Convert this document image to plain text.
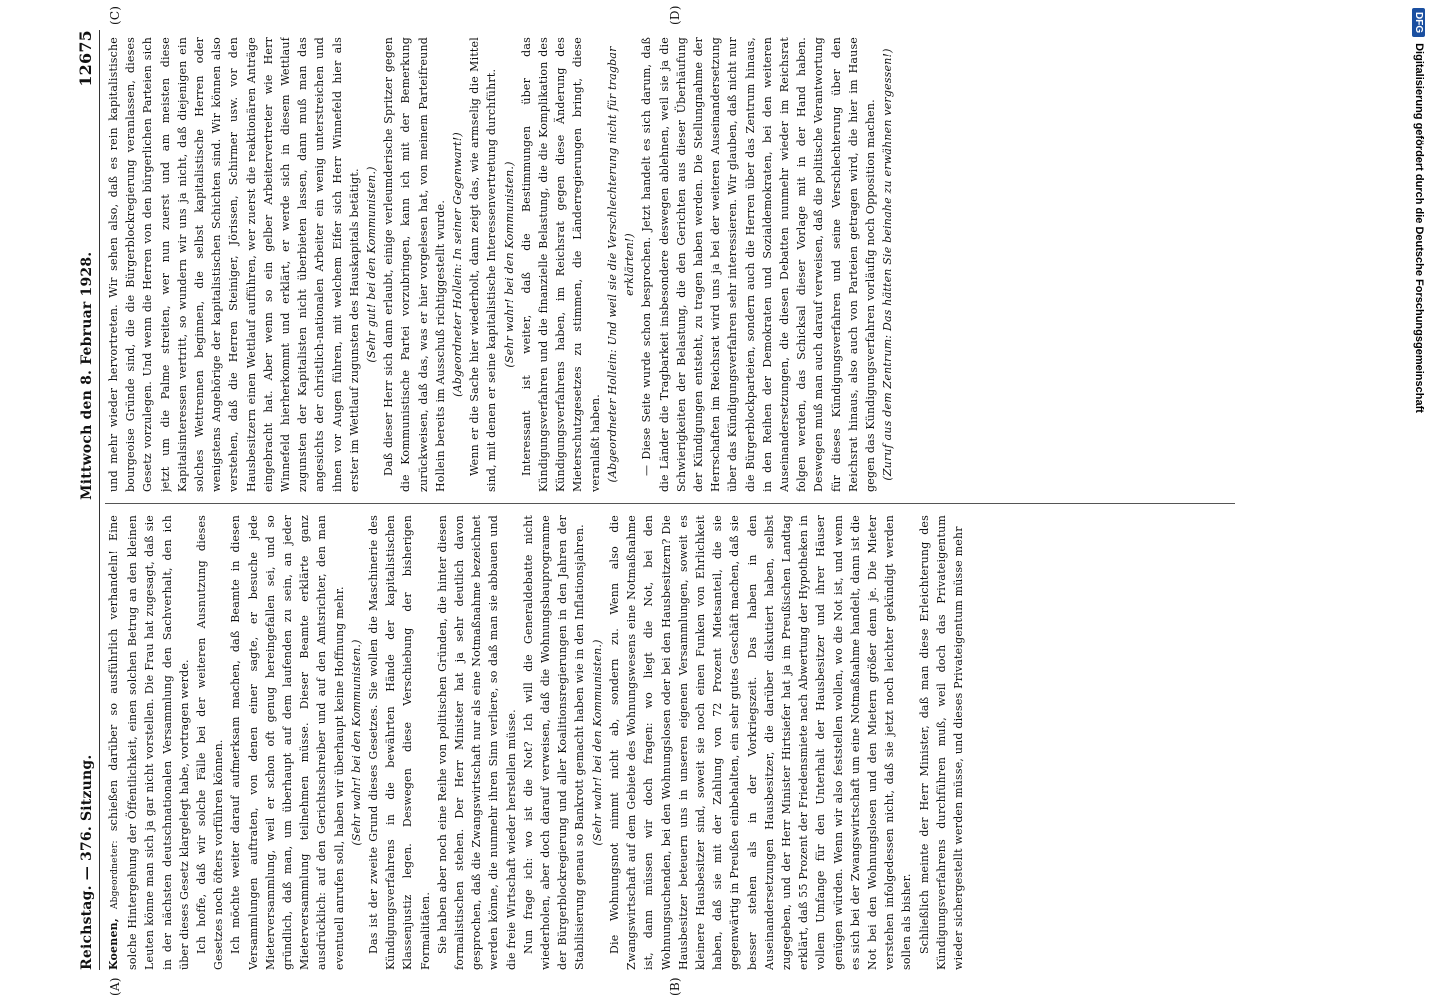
Reichstag. — 376. Sitzung.
Mittwoch den 8. Februar 1928.
12675
(A)	(B)
(C)	(D)

Koenen, Abgeordneter: schießen darüber so ausführlich verhandeln! Eine solche Hintergehung der Öffentlichkeit, einen solchen Betrug an den kleinen Leuten könne man sich ja gar nicht vorstellen. Die Frau hat zugesagt, daß sie in der nächsten deutschnationalen Versammlung den Sachverhalt, den ich über dieses Gesetz klargelegt habe, vortragen werde. Ich hoffe, daß wir solche Fälle bei der weiteren Ausnutzung dieses Gesetzes noch öfters vorführen können. Ich möchte weiter darauf aufmerksam machen, daß Beamte in diesen Versammlungen auftraten, von denen einer sagte, er besuche jede Mieterversammlung, weil er schon oft genug hereingefallen sei, und so gründlich, daß man, um überhaupt auf dem laufenden zu sein, an jeder Mieterversammlung teilnehmen müsse. Dieser Beamte erklärte ganz ausdrücklich: auf den Gerichtsschreiber und auf den Amtsrichter, den man eventuell anrufen soll, haben wir überhaupt keine Hoffnung mehr. (Sehr wahr! bei den Kommunisten.) Das ist der zweite Grund dieses Gesetzes. Sie wollen die Maschinerie des Kündigungsverfahrens in die bewährten Hände der kapitalistischen Klassenjustiz legen. Deswegen diese Verschiebung der bisherigen Formalitäten. Sie haben aber noch eine Reihe von politischen Gründen, die hinter diesen formalistischen stehen. Der Herr Minister hat ja sehr deutlich davon gesprochen, daß die Zwangswirtschaft nur als eine Notmaßnahme bezeichnet werden könne, die nunmehr ihren Sinn verliere, so daß man sie abbauen und die freie Wirtschaft wieder herstellen müsse. Nun frage ich: wo ist die Not? Ich will die Generaldebatte nicht wiederholen, aber doch darauf verweisen, daß die Wohnungsbauprogramme der Bürgerblockregierung und aller Koalitionsregierungen in den Jahren der Stabilisierung genau so Bankrott gemacht haben wie in den Inflationsjahren. (Sehr wahr! bei den Kommunisten.) Die Wohnungsnot nimmt nicht ab, sondern zu. Wenn also die Zwangswirtschaft auf dem Gebiete des Wohnungswesens eine Notmaßnahme ist, dann müssen wir doch fragen: wo liegt die Not, bei den Wohnungsuchenden, bei den Wohnungslosen oder bei den Hausbesitzern? Die Hausbesitzer beteuern uns in unseren eigenen Versammlungen, soweit es kleinere Hausbesitzer sind, soweit sie noch einen Funken von Ehrlichkeit haben, daß sie mit der Zahlung von 72 Prozent Mietsanteil, die sie gegenwärtig in Preußen einbehalten, ein sehr gutes Geschäft machen, daß sie besser stehen als in der Vorkriegszeit. Das haben in den Auseinandersetzungen Hausbesitzer, die darüber diskutiert haben, selbst zugegeben, und der Herr Minister Hirtsiefer hat ja im Preußischen Landtag erklärt, daß 55 Prozent der Friedensmiete nach Abwertung der Hypotheken in vollem Umfange für den Unterhalt der Hausbesitzer und ihrer Häuser genügen würden. Wenn wir also feststellen wollen, wo die Not ist, und wenn es sich bei der Zwangswirtschaft um eine Notmaßnahme handelt, dann ist die Not bei den Wohnungslosen und den Mietern größer denn je. Die Mieter verstehen infolgedessen nicht, daß sie jetzt noch leichter gekündigt werden sollen als bisher. Schließlich meinte der Herr Minister, daß man diese Erleichterung des Kündigungsverfahrens durchführen muß, weil doch das Privateigentum wieder sichergestellt werden müsse, und dieses Privateigentum müsse mehr

und mehr wieder hervortreten. Wir sehen also, daß es rein kapitalistische bourgeoise Gründe sind, die die Bürgerblockregierung veranlassen, dieses Gesetz vorzulegen. Und wenn die Herren von den bürgerlichen Parteien sich jetzt um die Palme streiten, wer nun zuerst und am meisten diese Kapitalsinteressen vertritt, so wundern wir uns ja nicht, daß diejenigen ein solches Wettrennen beginnen, die selbst kapitalistische Herren oder wenigstens Angehörige der kapitalistischen Schichten sind. Wir können also verstehen, daß die Herren Steiniger, Jörissen, Schirmer usw. vor den Hausbesitzern einen Wettlauf aufführen, wer zuerst die reaktionären Anträge eingebracht hat. Aber wenn so ein gelber Arbeitervertreter wie Herr Winnefeld hierherkommt und erklärt, er werde sich in diesem Wettlauf zugunsten der Kapitalisten nicht überbieten lassen, dann muß man das angesichts der christlich-nationalen Arbeiter ein wenig unterstreichen und ihnen vor Augen führen, mit welchem Eifer sich Herr Winnefeld hier als erster im Wettlauf zugunsten des Hauskapitals betätigt. (Sehr gut! bei den Kommunisten.) Daß dieser Herr sich dann erlaubt, einige verleumderische Spritzer gegen die Kommunistische Partei vorzubringen, kann ich mit der Bemerkung zurückweisen, daß das, was er hier vorgelesen hat, von meinem Parteifreund Hollein bereits im Ausschuß richtiggestellt wurde. (Abgeordneter Hollein: In seiner Gegenwart!) Wenn er die Sache hier wiederholt, dann zeigt das, wie armselig die Mittel sind, mit denen er seine kapitalistische Interessenvertretung durchführt. (Sehr wahr! bei den Kommunisten.) Interessant ist weiter, daß die Bestimmungen über das Kündigungsverfahren und die finanzielle Belastung, die die Komplikation des Kündigungsverfahrens haben, im Reichsrat gegen diese Änderung des Mieterschutzgesetzes zu stimmen, die Länderregierungen bringt, diese veranlaßt haben. (Abgeordneter Hollein: Und weil sie die Verschlechterung nicht für tragbar erklärten!) — Diese Seite wurde schon besprochen. Jetzt handelt es sich darum, daß die Länder die Tragbarkeit insbesondere deswegen ablehnen, weil sie ja die Schwierigkeiten der Belastung, die den Gerichten aus dieser Überhäufung der Kündigungen entsteht, zu tragen haben werden. Die Stellungnahme der Herrschaften im Reichsrat wird uns ja bei der weiteren Auseinandersetzung über das Kündigungsverfahren sehr interessieren. Wir glauben, daß nicht nur die Bürgerblockparteien, sondern auch die Herren über das Zentrum hinaus, in den Reihen der Demokraten und Sozialdemokraten, bei den weiteren Auseinandersetzungen, die diesen Debatten nunmehr wieder im Reichsrat folgen werden, das Schicksal dieser Vorlage mit in der Hand haben. Deswegen muß man auch darauf verweisen, daß die politische Verantwortung für dieses Kündigungsverfahren und seine Verschlechterung über den Reichsrat hinaus, also auch von Parteien getragen wird, die hier im Hause gegen das Kündigungsverfahren vorläufig noch Opposition machen. (Zuruf aus dem Zentrum: Das hätten Sie beinahe zu erwähnen vergessen!)

DFG
Digitalisierung gefördert durch die Deutsche Forschungsgemeinschaft
